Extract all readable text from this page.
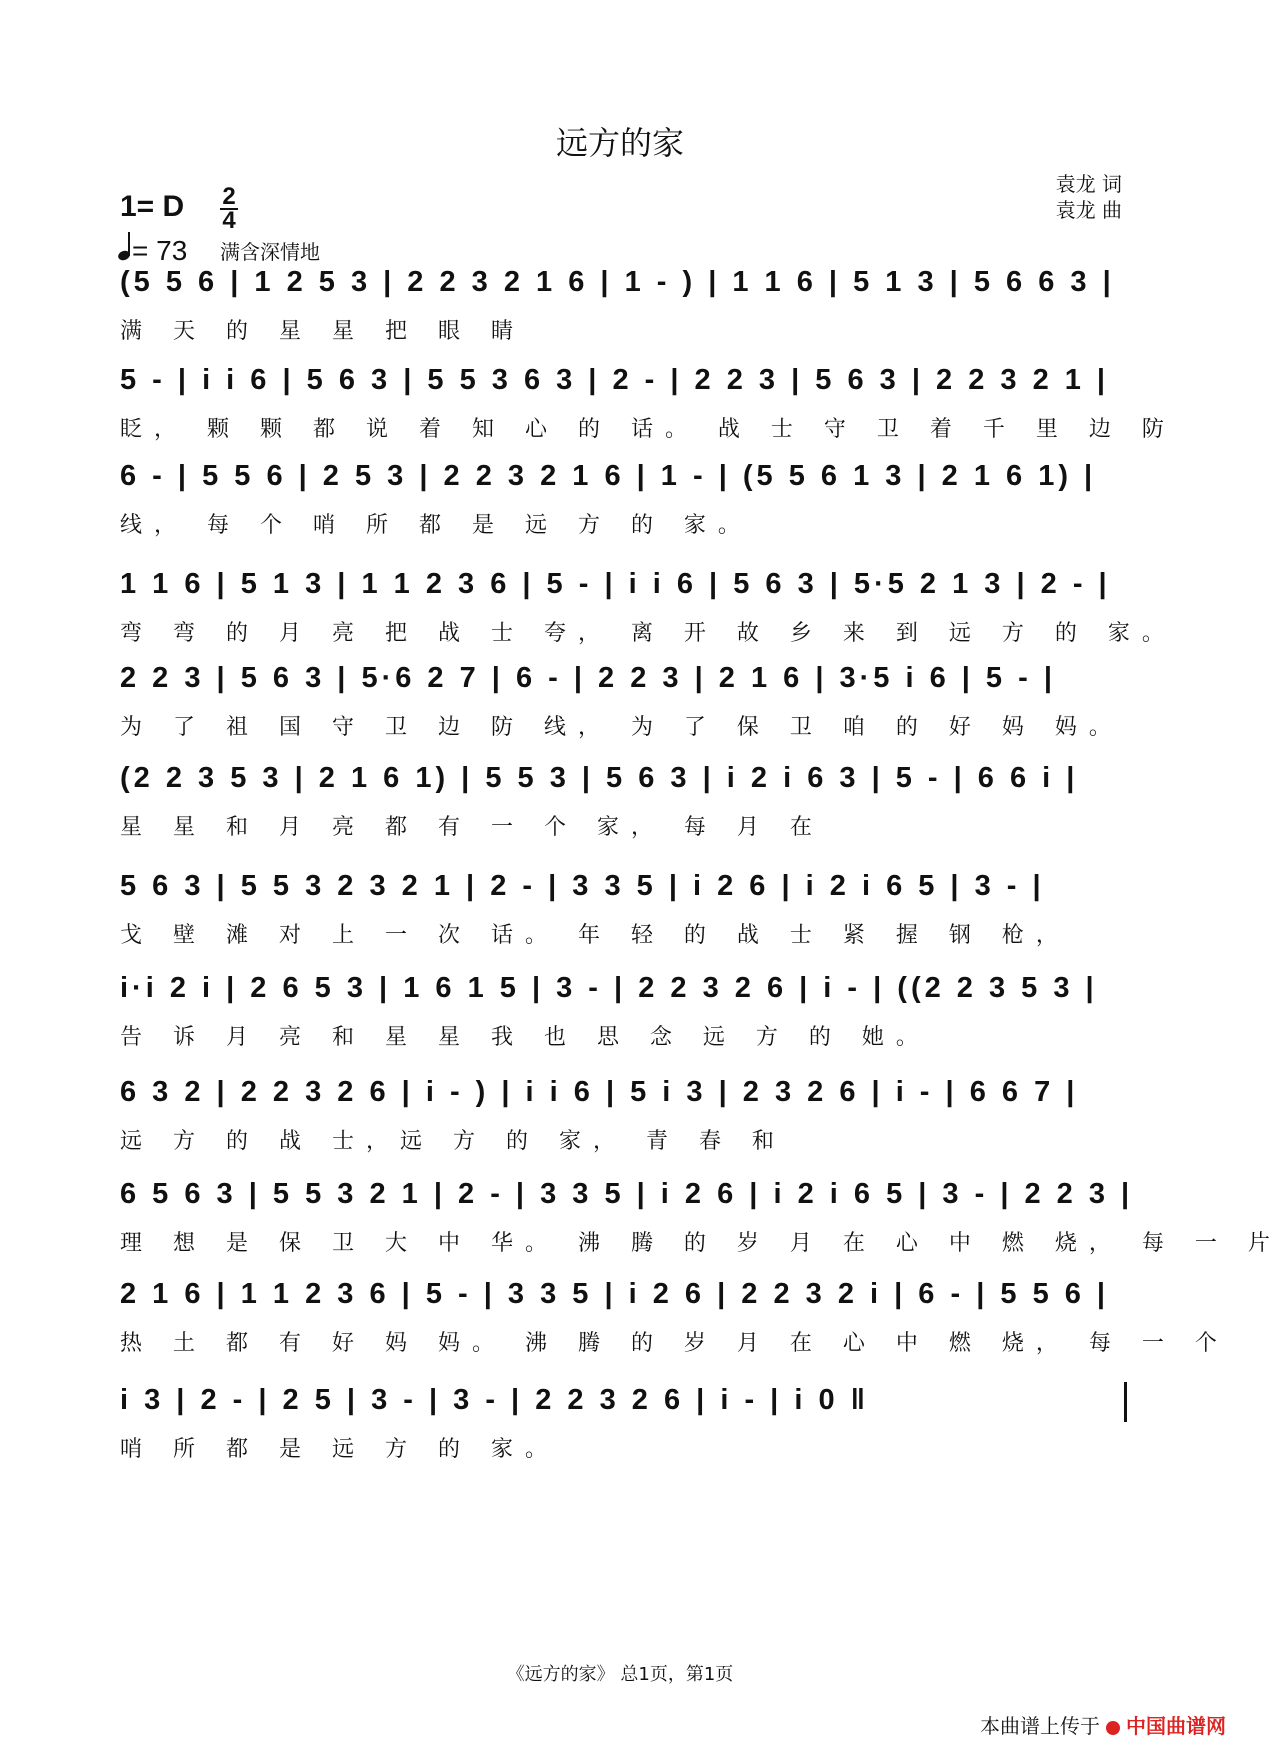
远方的家
1= D 2
4
= 73 满含深情地
袁龙 词
袁龙 曲
(5 5 6 | 1 2 5 3 | 2 2 3 2 1 6 | 1 - ) | 1 1 6 | 5 1 3 | 5 6 6 3 |
满 天 的 星 星 把 眼 睛
5 - | i i 6 | 5 6 3 | 5 5 3 6 3 | 2 - | 2 2 3 | 5 6 3 | 2 2 3 2 1 |
眨， 颗 颗 都 说 着 知 心 的 话。 战 士 守 卫 着 千 里 边 防
6 - | 5 5 6 | 2 5 3 | 2 2 3 2 1 6 | 1 - | (5 5 6 1 3 | 2 1 6 1) |
线， 每 个 哨 所 都 是 远 方 的 家。
1 1 6 | 5 1 3 | 1 1 2 3 6 | 5 - | i i 6 | 5 6 3 | 5·5 2 1 3 | 2 - |
弯 弯 的 月 亮 把 战 士 夸， 离 开 故 乡 来 到 远 方 的 家。
2 2 3 | 5 6 3 | 5·6 2 7 | 6 - | 2 2 3 | 2 1 6 | 3·5 i 6 | 5 - |
为 了 祖 国 守 卫 边 防 线， 为 了 保 卫 咱 的 好 妈 妈。
(2 2 3 5 3 | 2 1 6 1) | 5 5 3 | 5 6 3 | i 2 i 6 3 | 5 - | 6 6 i |
星 星 和 月 亮 都 有 一 个 家， 每 月 在
5 6 3 | 5 5 3 2 3 2 1 | 2 - | 3 3 5 | i 2 6 | i 2 i 6 5 | 3 - |
戈 壁 滩 对 上 一 次 话。 年 轻 的 战 士 紧 握 钢 枪，
i·i 2 i | 2 6 5 3 | 1 6 1 5 | 3 - | 2 2 3 2 6 | i - | ((2 2 3 5 3 |
告 诉 月 亮 和 星 星 我 也 思 念 远 方 的 她。
6 3 2 | 2 2 3 2 6 | i - ) | i i 6 | 5 i 3 | 2 3 2 6 | i - | 6 6 7 |
远 方 的 战 士，远 方 的 家， 青 春 和
6 5 6 3 | 5 5 3 2 1 | 2 - | 3 3 5 | i 2 6 | i 2 i 6 5 | 3 - | 2 2 3 |
理 想 是 保 卫 大 中 华。 沸 腾 的 岁 月 在 心 中 燃 烧， 每 一 片
2 1 6 | 1 1 2 3 6 | 5 - | 3 3 5 | i 2 6 | 2 2 3 2 i | 6 - | 5 5 6 |
热 土 都 有 好 妈 妈。 沸 腾 的 岁 月 在 心 中 燃 烧， 每 一 个
i 3 | 2 - | 2 5 | 3 - | 3 - | 2 2 3 2 6 | i - | i 0 ‖
哨 所 都 是 远 方 的 家。
《远方的家》 总1页，第1页
本曲谱上传于 中国曲谱网
